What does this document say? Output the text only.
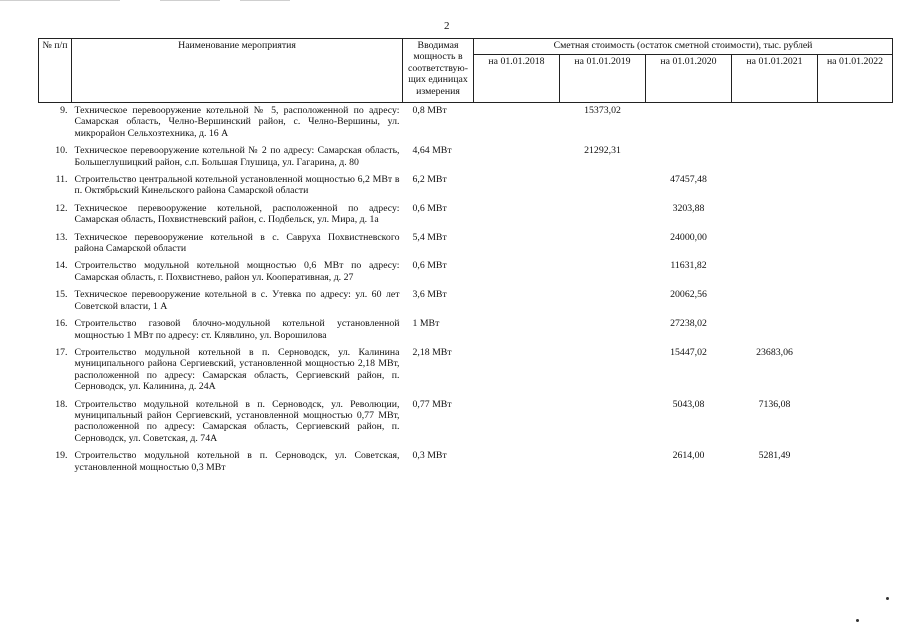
2
№ п/п	Наименование мероприятия	Вводимая мощность в соответствую-щих единицах измерения	Сметная стоимость (остаток сметной стоимости), тыс. рублей				
			на 01.01.2018	на 01.01.2019	на 01.01.2020	на 01.01.2021	на 01.01.2022
9.	Техническое перевооружение котельной № 5, расположенной по адресу: Самарская область, Челно-Вершинский район, с. Челно-Вершины, ул. микрорайон Сельхозтехника, д. 16 А	0,8 МВт		15373,02			
10.	Техническое перевооружение котельной № 2 по адресу: Самарская область, Большеглушицкий район, с.п. Большая Глушица, ул. Гагарина, д. 80	4,64 МВт		21292,31			
11.	Строительство центральной котельной установленной мощностью 6,2 МВт в п. Октябрьский Кинельского района Самарской области	6,2 МВт			47457,48		
12.	Техническое перевооружение котельной, расположенной по адресу: Самарская область, Похвистневский район, с. Подбельск, ул. Мира, д. 1а	0,6 МВт			3203,88		
13.	Техническое перевооружение котельной в с. Савруха Похвистневского района Самарской области	5,4 МВт			24000,00		
14.	Строительство модульной котельной мощностью 0,6 МВт по адресу: Самарская область, г. Похвистнево, район ул. Кооперативная, д. 27	0,6 МВт			11631,82		
15.	Техническое перевооружение котельной в с. Утевка по адресу: ул. 60 лет Советской власти, 1 А	3,6 МВт			20062,56		
16.	Строительство газовой блочно-модульной котельной установленной мощностью 1 МВт по адресу: ст. Клявлино, ул. Ворошилова	1 МВт			27238,02		
17.	Строительство модульной котельной в п. Серноводск, ул. Калинина муниципального района Сергиевский, установленной мощностью 2,18 МВт, расположенной по адресу: Самарская область, Сергиевский район, п. Серноводск, ул. Калинина, д. 24А	2,18 МВт			15447,02	23683,06	
18.	Строительство модульной котельной в п. Серноводск, ул. Революции, муниципальный район Сергиевский, установленной мощностью 0,77 МВт, расположенной по адресу: Самарская область, Сергиевский район, п. Серноводск, ул. Советская, д. 74А	0,77 МВт			5043,08	7136,08	
19.	Строительство модульной котельной в п. Серноводск, ул. Советская, установленной мощностью 0,3 МВт	0,3 МВт			2614,00	5281,49	
